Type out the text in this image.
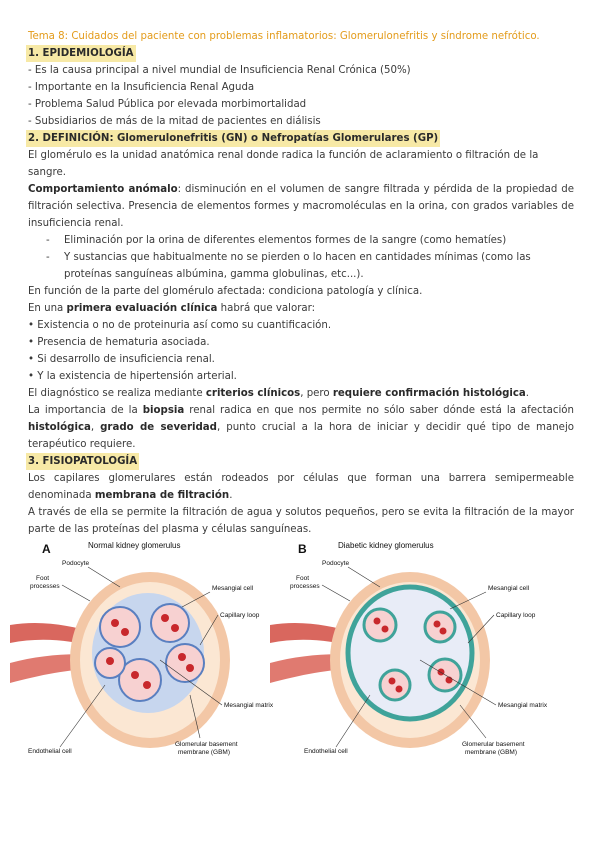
Tema 8: Cuidados del paciente con problemas inflamatorios: Glomerulonefritis y síndrome nefrótico.
1. EPIDEMIOLOGÍA
- Es la causa principal a nivel mundial de Insuficiencia Renal Crónica (50%)
- Importante en la Insuficiencia Renal Aguda
- Problema Salud Pública por elevada morbimortalidad
- Subsidiarios de más de la mitad de pacientes en diálisis
2. DEFINICIÓN: Glomerulonefritis (GN) o Nefropatías Glomerulares (GP)
El glomérulo es la unidad anatómica renal donde radica la función de aclaramiento o filtración de la sangre.
Comportamiento anómalo: disminución en el volumen de sangre filtrada y pérdida de la propiedad de filtración selectiva. Presencia de elementos formes y macromoléculas en la orina, con grados variables de insuficiencia renal.
- Eliminación por la orina de diferentes elementos formes de la sangre (como hematíes)
- Y sustancias que habitualmente no se pierden o lo hacen en cantidades mínimas (como las proteínas sanguíneas albúmina, gamma globulinas, etc...).
En función de la parte del glomérulo afectada: condiciona patología y clínica.
En una primera evaluación clínica habrá que valorar:
• Existencia o no de proteinuria así como su cuantificación.
• Presencia de hematuria asociada.
• Si desarrollo de insuficiencia renal.
• Y la existencia de hipertensión arterial.
El diagnóstico se realiza mediante criterios clínicos, pero requiere confirmación histológica.
La importancia de la biopsia renal radica en que nos permite no sólo saber dónde está la afectación histológica, grado de severidad, punto crucial a la hora de iniciar y decidir qué tipo de manejo terapéutico requiere.
3. FISIOPATOLOGÍA
Los capilares glomerulares están rodeados por células que forman una barrera semipermeable denominada membrana de filtración.
A través de ella se permite la filtración de agua y solutos pequeños, pero se evita la filtración de la mayor parte de las proteínas del plasma y células sanguíneas.
A	Normal kidney glomerulus
Podocyte
Foot
processes	Mesangial cell
Capillary loop
Mesangial matrix
Endothelial cell
Glomerular basement
membrane (GBM)
B	Diabetic kidney glomerulus
Podocyte
Foot
processes	Mesangial cell
Capillary loop
Mesangial matrix
Endothelial cell
Glomerular basement
membrane (GBM)
